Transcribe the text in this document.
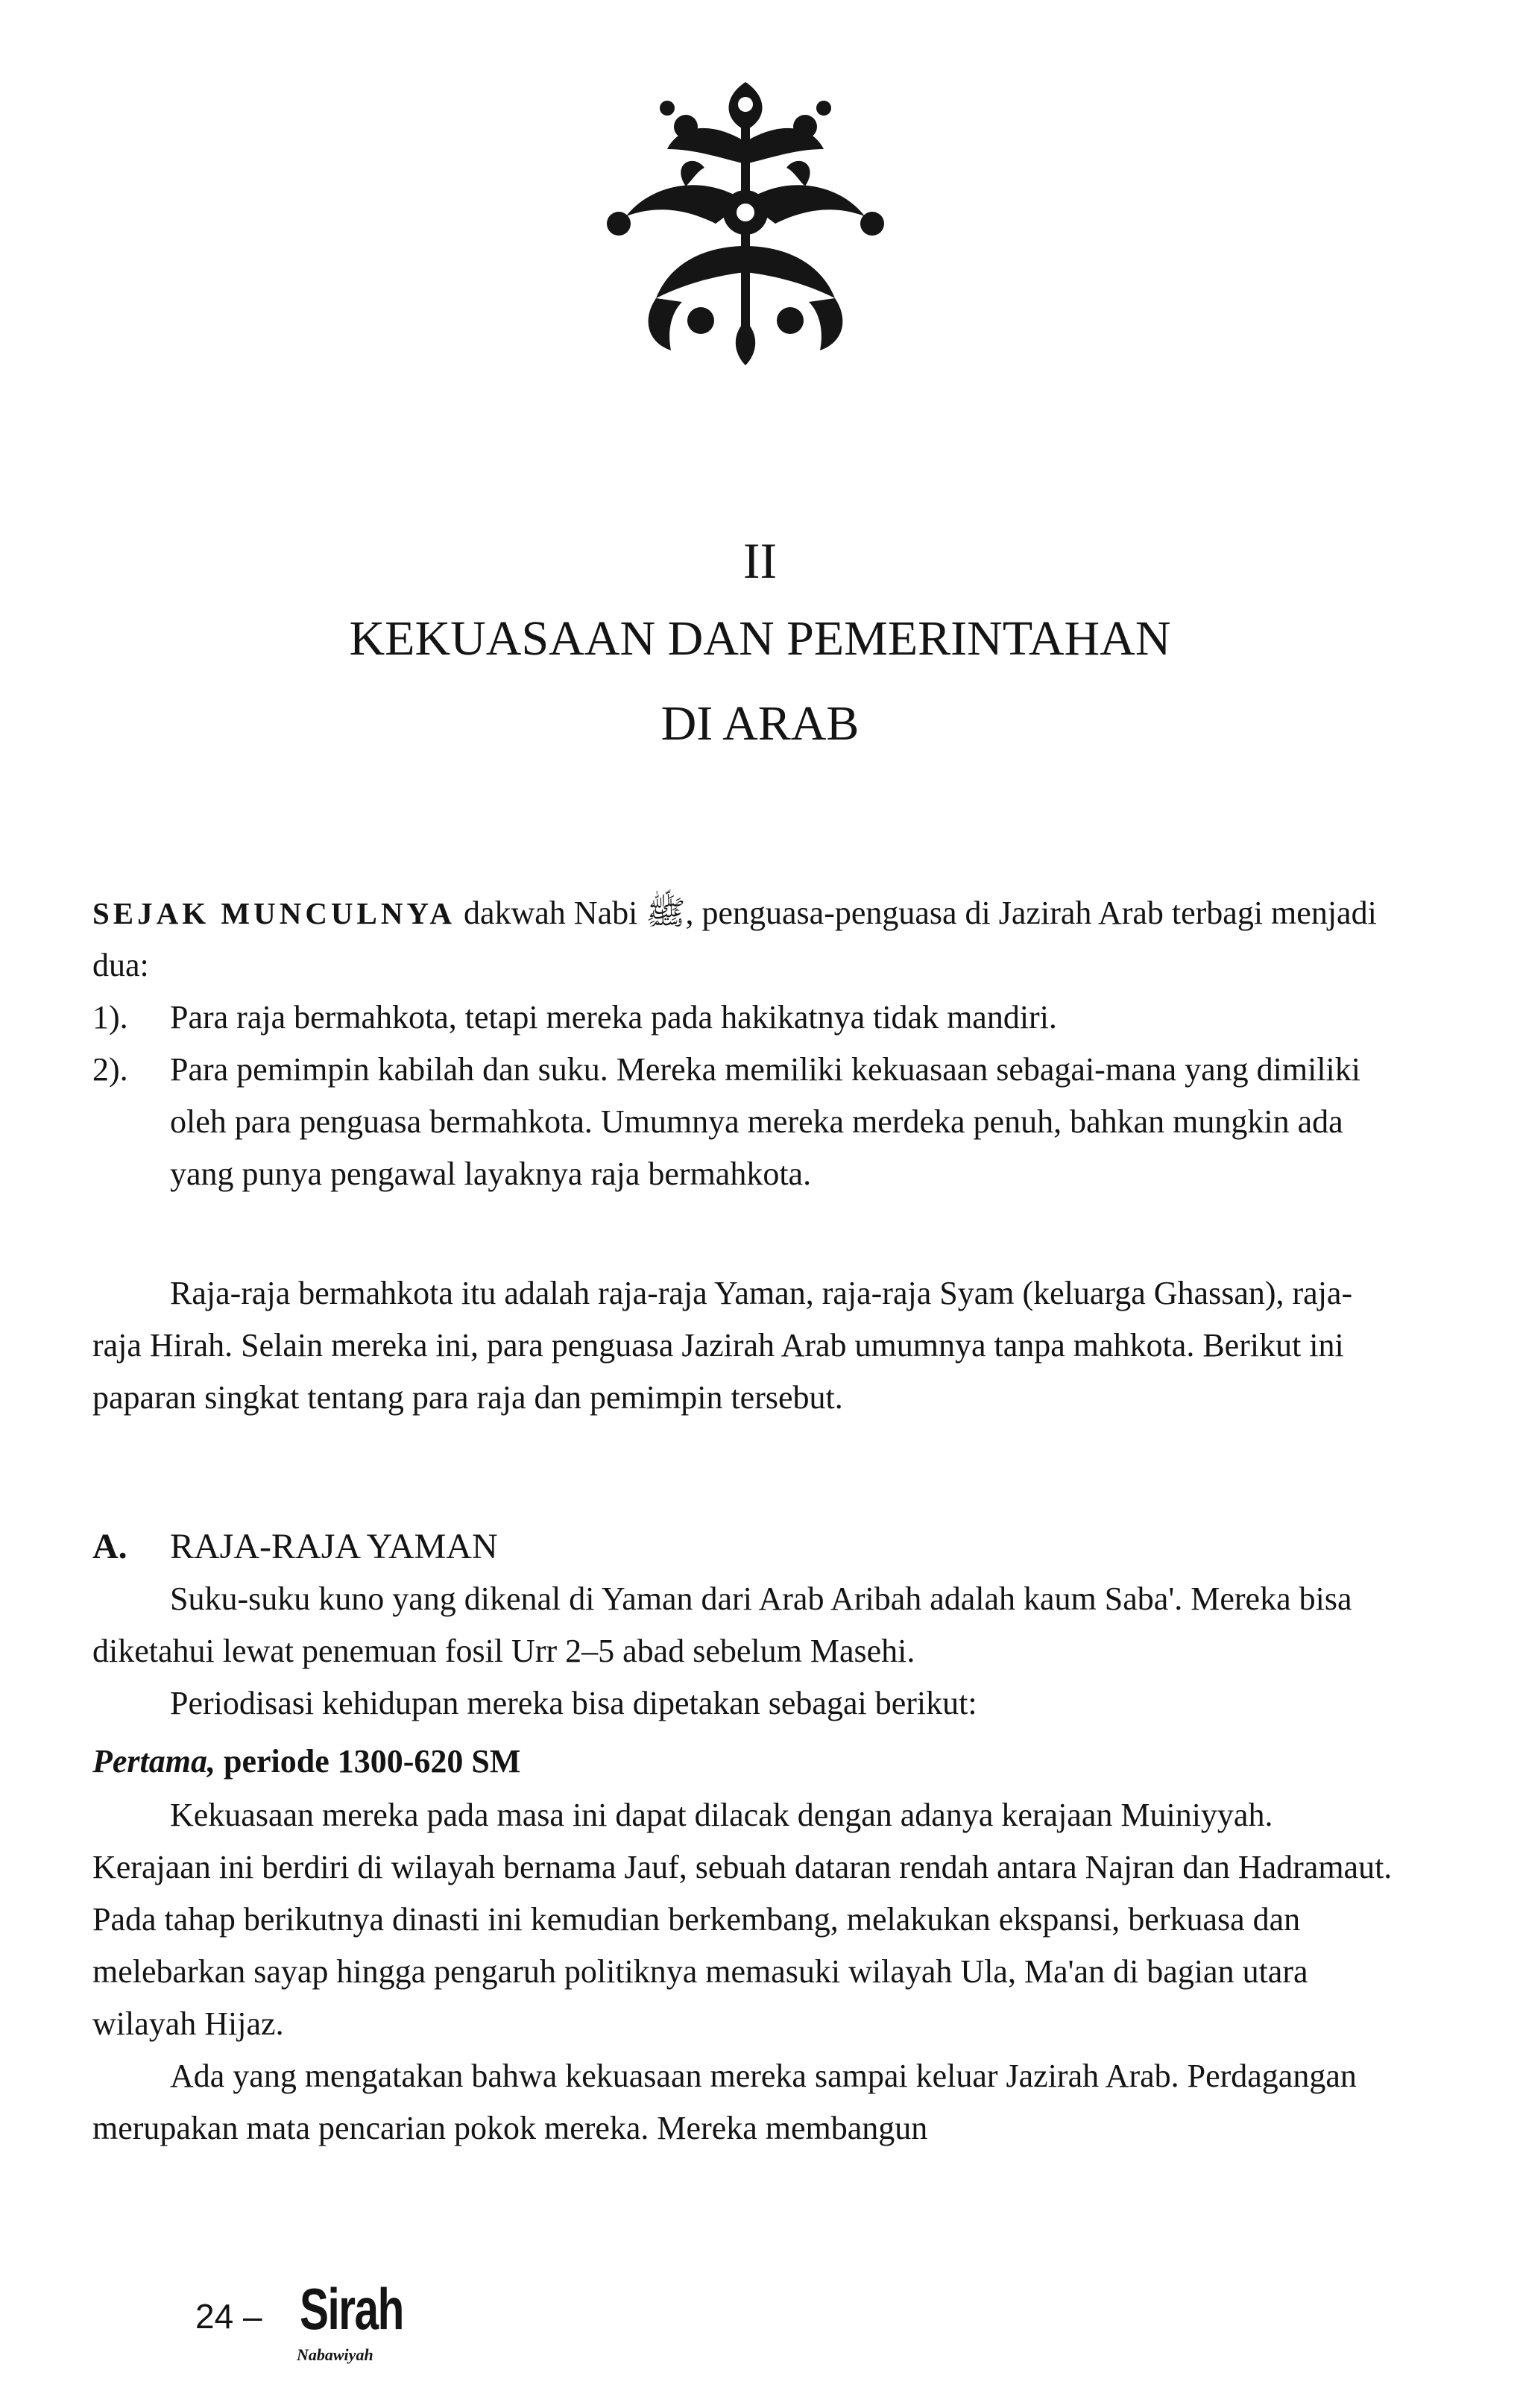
II
KEKUASAAN DAN PEMERINTAHAN
DI ARAB
SEJAK MUNCULNYA dakwah Nabi ﷺ, penguasa-penguasa di Jazirah Arab terbagi menjadi dua:
1).	Para raja bermahkota, tetapi mereka pada hakikatnya tidak mandiri.
2).	Para pemimpin kabilah dan suku. Mereka memiliki kekuasaan sebagai-mana yang dimiliki oleh para penguasa bermahkota. Umumnya mereka merdeka penuh, bahkan mungkin ada yang punya pengawal layaknya raja bermahkota.
Raja-raja bermahkota itu adalah raja-raja Yaman, raja-raja Syam (keluarga Ghassan), raja-raja Hirah. Selain mereka ini, para penguasa Jazirah Arab umumnya tanpa mahkota. Berikut ini paparan singkat tentang para raja dan pemimpin tersebut.
A. RAJA-RAJA YAMAN
Suku-suku kuno yang dikenal di Yaman dari Arab Aribah adalah kaum Saba'. Mereka bisa diketahui lewat penemuan fosil Urr 2–5 abad sebelum Masehi.
Periodisasi kehidupan mereka bisa dipetakan sebagai berikut:
Pertama, periode 1300-620 SM
Kekuasaan mereka pada masa ini dapat dilacak dengan adanya kerajaan Muiniyyah. Kerajaan ini berdiri di wilayah bernama Jauf, sebuah dataran rendah antara Najran dan Hadramaut. Pada tahap berikutnya dinasti ini kemudian berkembang, melakukan ekspansi, berkuasa dan melebarkan sayap hingga pengaruh politiknya memasuki wilayah Ula, Ma'an di bagian utara wilayah Hijaz.
Ada yang mengatakan bahwa kekuasaan mereka sampai keluar Jazirah Arab. Perdagangan merupakan mata pencarian pokok mereka. Mereka membangun
24 – Sirah
Nabawiyah
